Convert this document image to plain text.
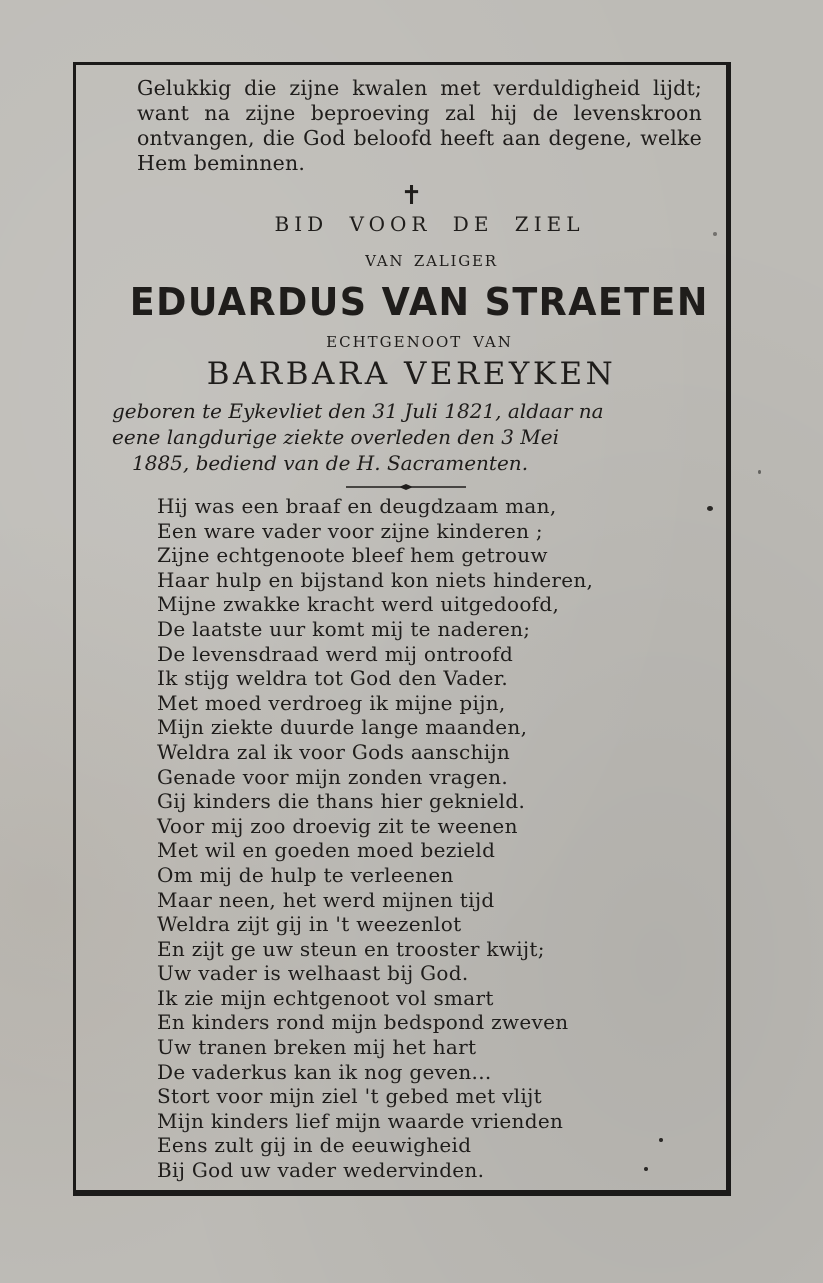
Gelukkig die zijne kwalen met verduldigheid lijdt; want na zijne beproeving zal hij de levenskroon ontvangen, die God beloofd heeft aan degene, welke Hem beminnen.
✝
BID VOOR DE ZIEL
VAN ZALIGER
EDUARDUS VAN STRAETEN
ECHTGENOOT VAN
BARBARA VEREYKEN
geboren te Eykevliet den 31 Juli 1821, aldaar na
eene langdurige ziekte overleden den 3 Mei
1885, bediend van de H. Sacramenten.
Hij was een braaf en deugdzaam man,
Een ware vader voor zijne kinderen ;
Zijne echtgenoote bleef hem getrouw
Haar hulp en bijstand kon niets hinderen,
Mijne zwakke kracht werd uitgedoofd,
De laatste uur komt mij te naderen;
De levensdraad werd mij ontroofd
Ik stijg weldra tot God den Vader.
Met moed verdroeg ik mijne pijn,
Mijn ziekte duurde lange maanden,
Weldra zal ik voor Gods aanschijn
Genade voor mijn zonden vragen.
Gij kinders die thans hier geknield.
Voor mij zoo droevig zit te weenen
Met wil en goeden moed bezield
Om mij de hulp te verleenen
Maar neen, het werd mijnen tijd
Weldra zijt gij in 't weezenlot
En zijt ge uw steun en trooster kwijt;
Uw vader is welhaast bij God.
Ik zie mijn echtgenoot vol smart
En kinders rond mijn bedspond zweven
Uw tranen breken mij het hart
De vaderkus kan ik nog geven...
Stort voor mijn ziel 't gebed met vlijt
Mijn kinders lief mijn waarde vrienden
Eens zult gij in de eeuwigheid
Bij God uw vader wedervinden.
